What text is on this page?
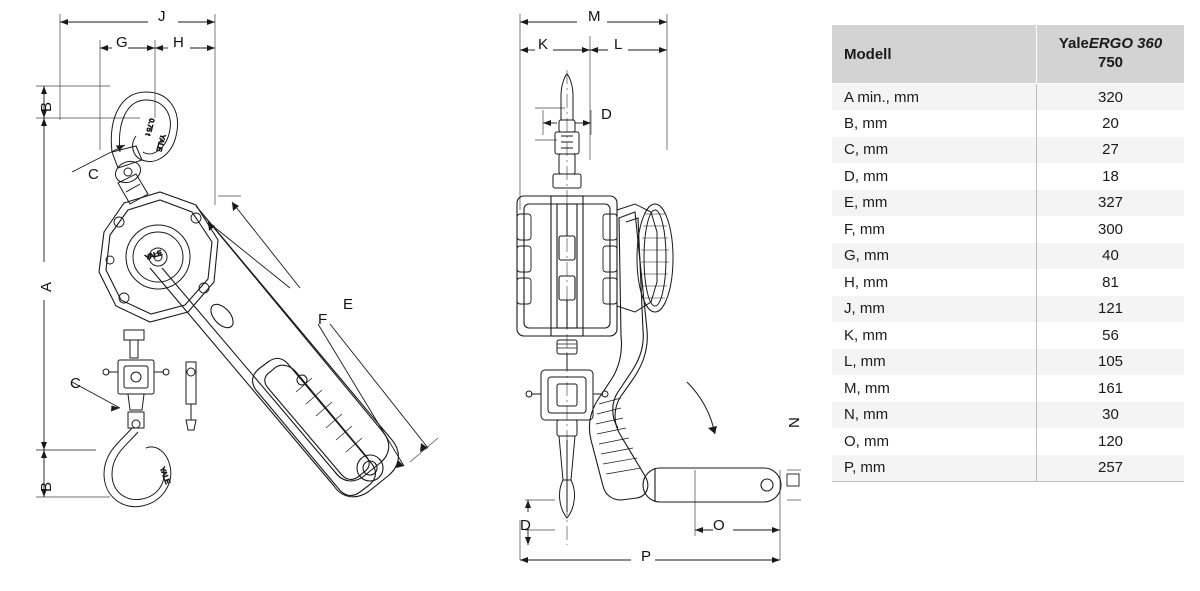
0.75 t
YALE
YALE
YALE
J
G	H
B
C
A
E
F
C
B
M
K	L
D
N
D	O
P
Modell	YaleERGO 360
750

A min., mm	320
B, mm	20
C, mm	27
D, mm	18
E, mm	327
F, mm	300
G, mm	40
H, mm	81
J, mm	121
K, mm	56
L, mm	105
M, mm	161
N, mm	30
O, mm	120
P, mm	257
